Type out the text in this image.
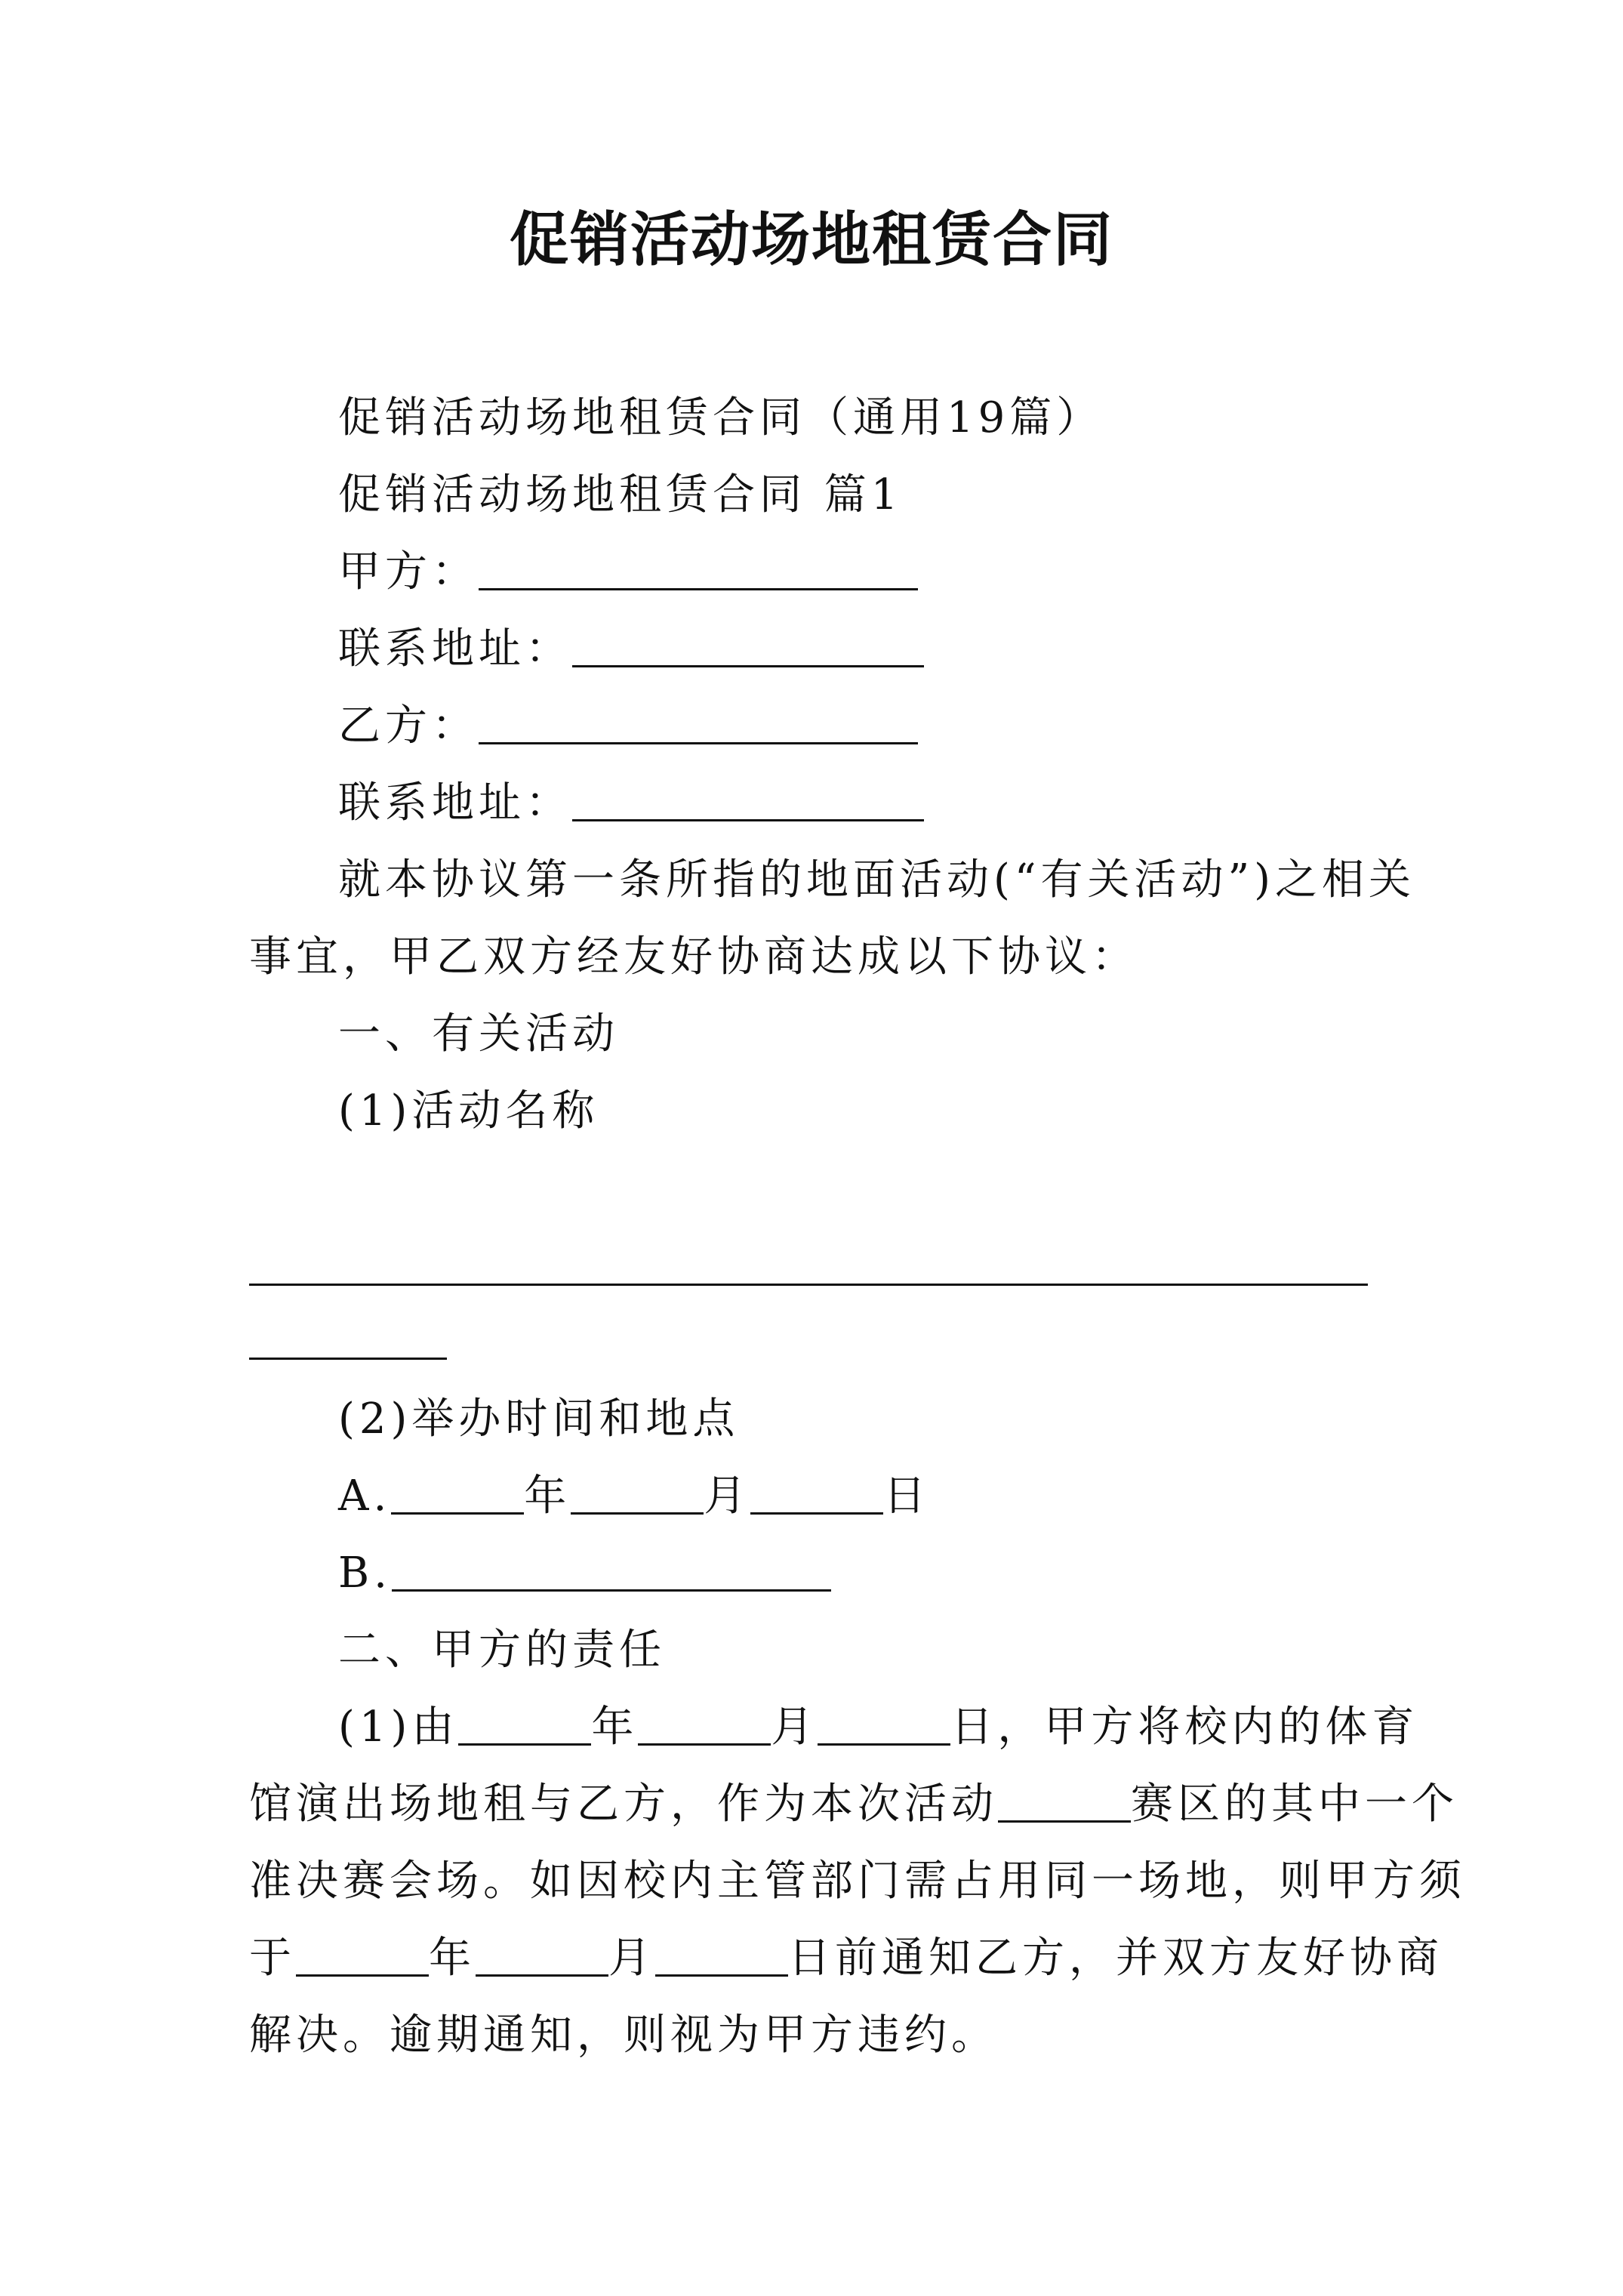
促销活动场地租赁合同
促销活动场地租赁合同（通用19篇）
促销活动场地租赁合同 篇1
甲方：
联系地址：
乙方：
联系地址：
就本协议第一条所指的地面活动(“有关活动”)之相关
事宜，甲乙双方经友好协商达成以下协议：
一、有关活动
(1)活动名称
(2)举办时间和地点
A.	年	月	日
B.
二、甲方的责任
(1)由	年	月	日，甲方将校内的体育
馆演出场地租与乙方，作为本次活动	赛区的其中一个
准决赛会场。如因校内主管部门需占用同一场地，则甲方须
于	年	月	日前通知乙方，并双方友好协商
解决。逾期通知，则视为甲方违约。
